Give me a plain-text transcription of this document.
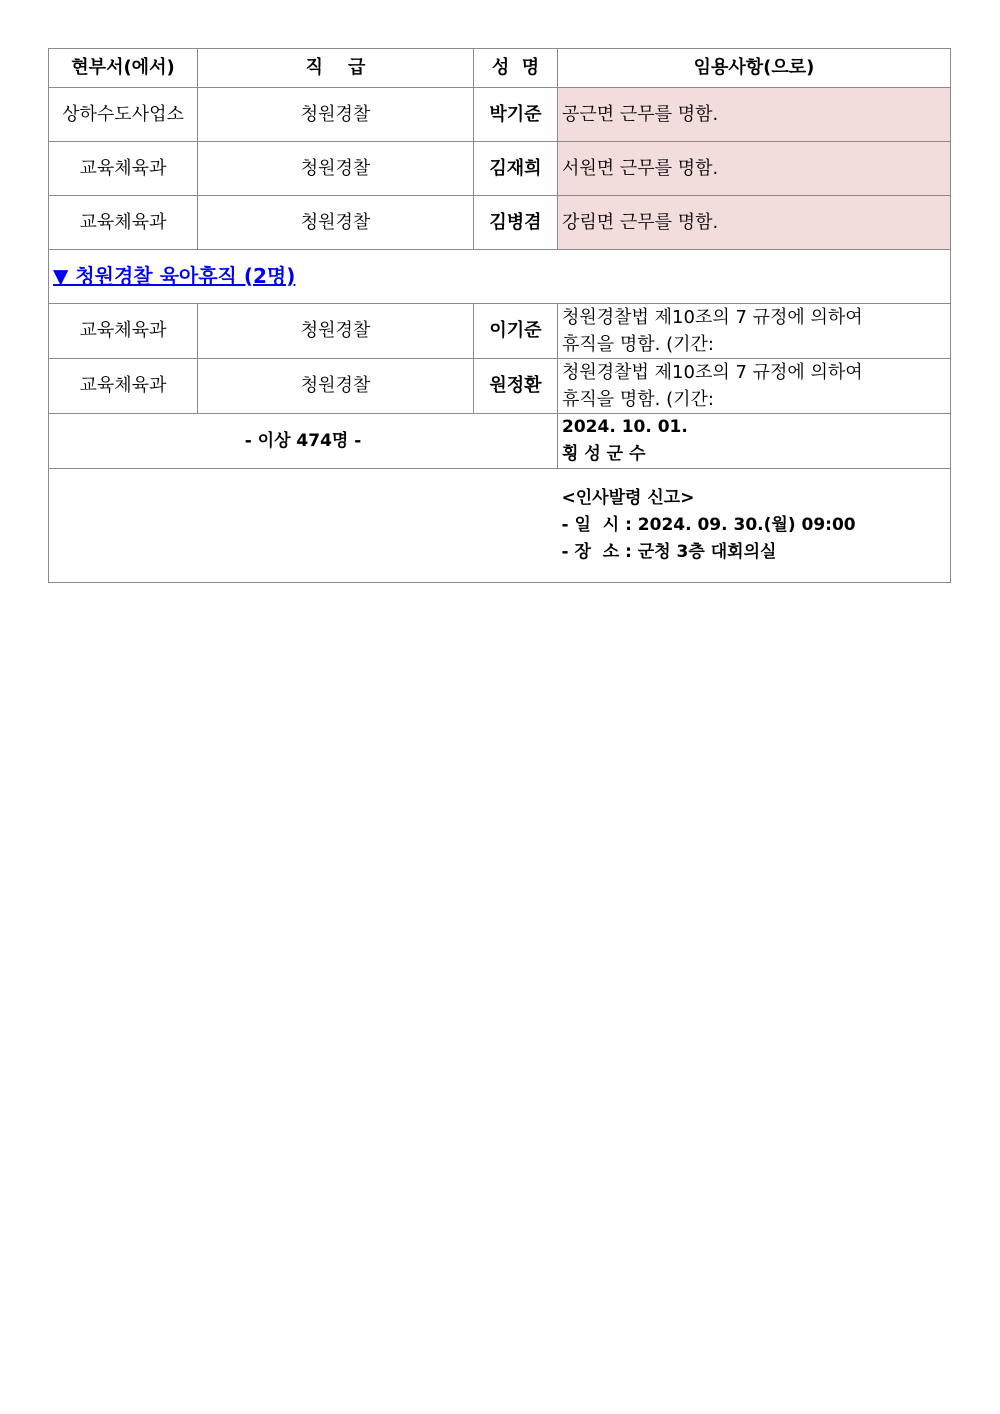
현부서(에서)	직    급	성  명	임용사항(으로)
상하수도사업소	청원경찰	박기준	공근면 근무를 명함.
교육체육과	청원경찰	김재희	서원면 근무를 명함.
교육체육과	청원경찰	김병겸	강림면 근무를 명함.
▼ 청원경찰 육아휴직 (2명)			
교육체육과	청원경찰	이기준	청원경찰법 제10조의 7 규정에 의하여
휴직을 명함. (기간:

교육체육과	청원경찰	원정환	청원경찰법 제10조의 7 규정에 의하여
휴직을 명함. (기간:

- 이상 474명 -			2024. 10. 01.
횡 성 군 수

			<인사발령 신고>
- 일  시 : 2024. 09. 30.(월) 09:00
- 장  소 : 군청 3층 대회의실
